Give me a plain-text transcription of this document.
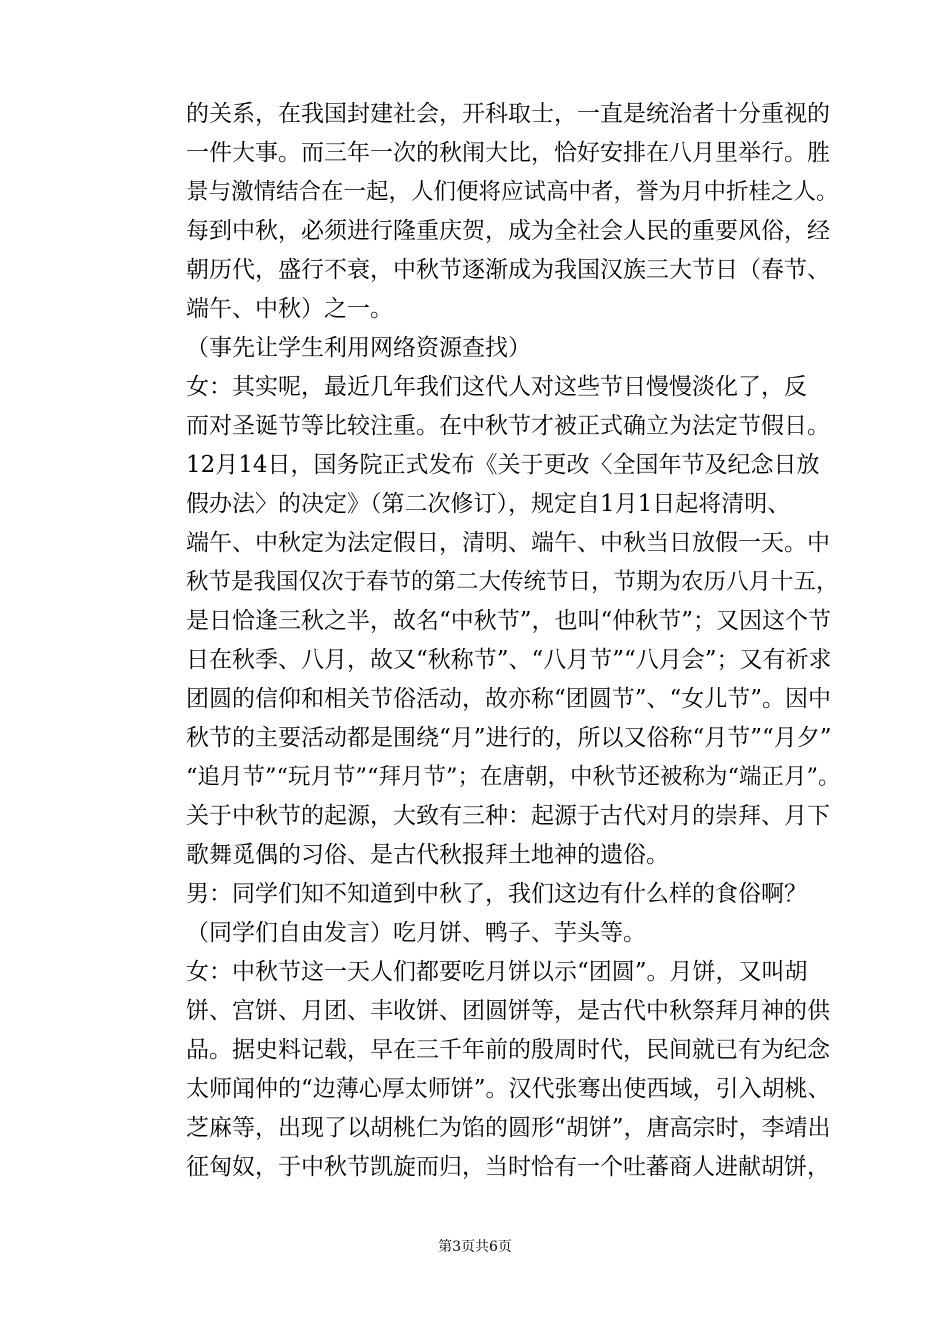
的关系，在我国封建社会，开科取士，一直是统治者十分重视的
一件大事。而三年一次的秋闱大比，恰好安排在八月里举行。胜
景与激情结合在一起，人们便将应试高中者，誉为月中折桂之人。
每到中秋，必须进行隆重庆贺，成为全社会人民的重要风俗，经
朝历代，盛行不衰，中秋节逐渐成为我国汉族三大节日（春节、
端午、中秋）之一。
（事先让学生利用网络资源查找）
女：其实呢，最近几年我们这代人对这些节日慢慢淡化了，反
而对圣诞节等比较注重。在中秋节才被正式确立为法定节假日。
12月14日，国务院正式发布《关于更改〈全国年节及纪念日放
假办法〉的决定》（第二次修订），规定自1月1日起将清明、
端午、中秋定为法定假日，清明、端午、中秋当日放假一天。中
秋节是我国仅次于春节的第二大传统节日，节期为农历八月十五，
是日恰逢三秋之半，故名“中秋节”，也叫“仲秋节”；又因这个节
日在秋季、八月，故又“秋称节”、“八月节”“八月会”；又有祈求
团圆的信仰和相关节俗活动，故亦称“团圆节”、“女儿节”。因中
秋节的主要活动都是围绕“月”进行的，所以又俗称“月节”“月夕”
“追月节”“玩月节”“拜月节”；在唐朝，中秋节还被称为“端正月”。
关于中秋节的起源，大致有三种：起源于古代对月的崇拜、月下
歌舞觅偶的习俗、是古代秋报拜土地神的遗俗。
男：同学们知不知道到中秋了，我们这边有什么样的食俗啊？
（同学们自由发言）吃月饼、鸭子、芋头等。
女：中秋节这一天人们都要吃月饼以示“团圆”。月饼，又叫胡
饼、宫饼、月团、丰收饼、团圆饼等，是古代中秋祭拜月神的供
品。据史料记载，早在三千年前的殷周时代，民间就已有为纪念
太师闻仲的“边薄心厚太师饼”。汉代张骞出使西域，引入胡桃、
芝麻等，出现了以胡桃仁为馅的圆形“胡饼”，唐高宗时，李靖出
征匈奴，于中秋节凯旋而归，当时恰有一个吐蕃商人进献胡饼，
第3页共6页
